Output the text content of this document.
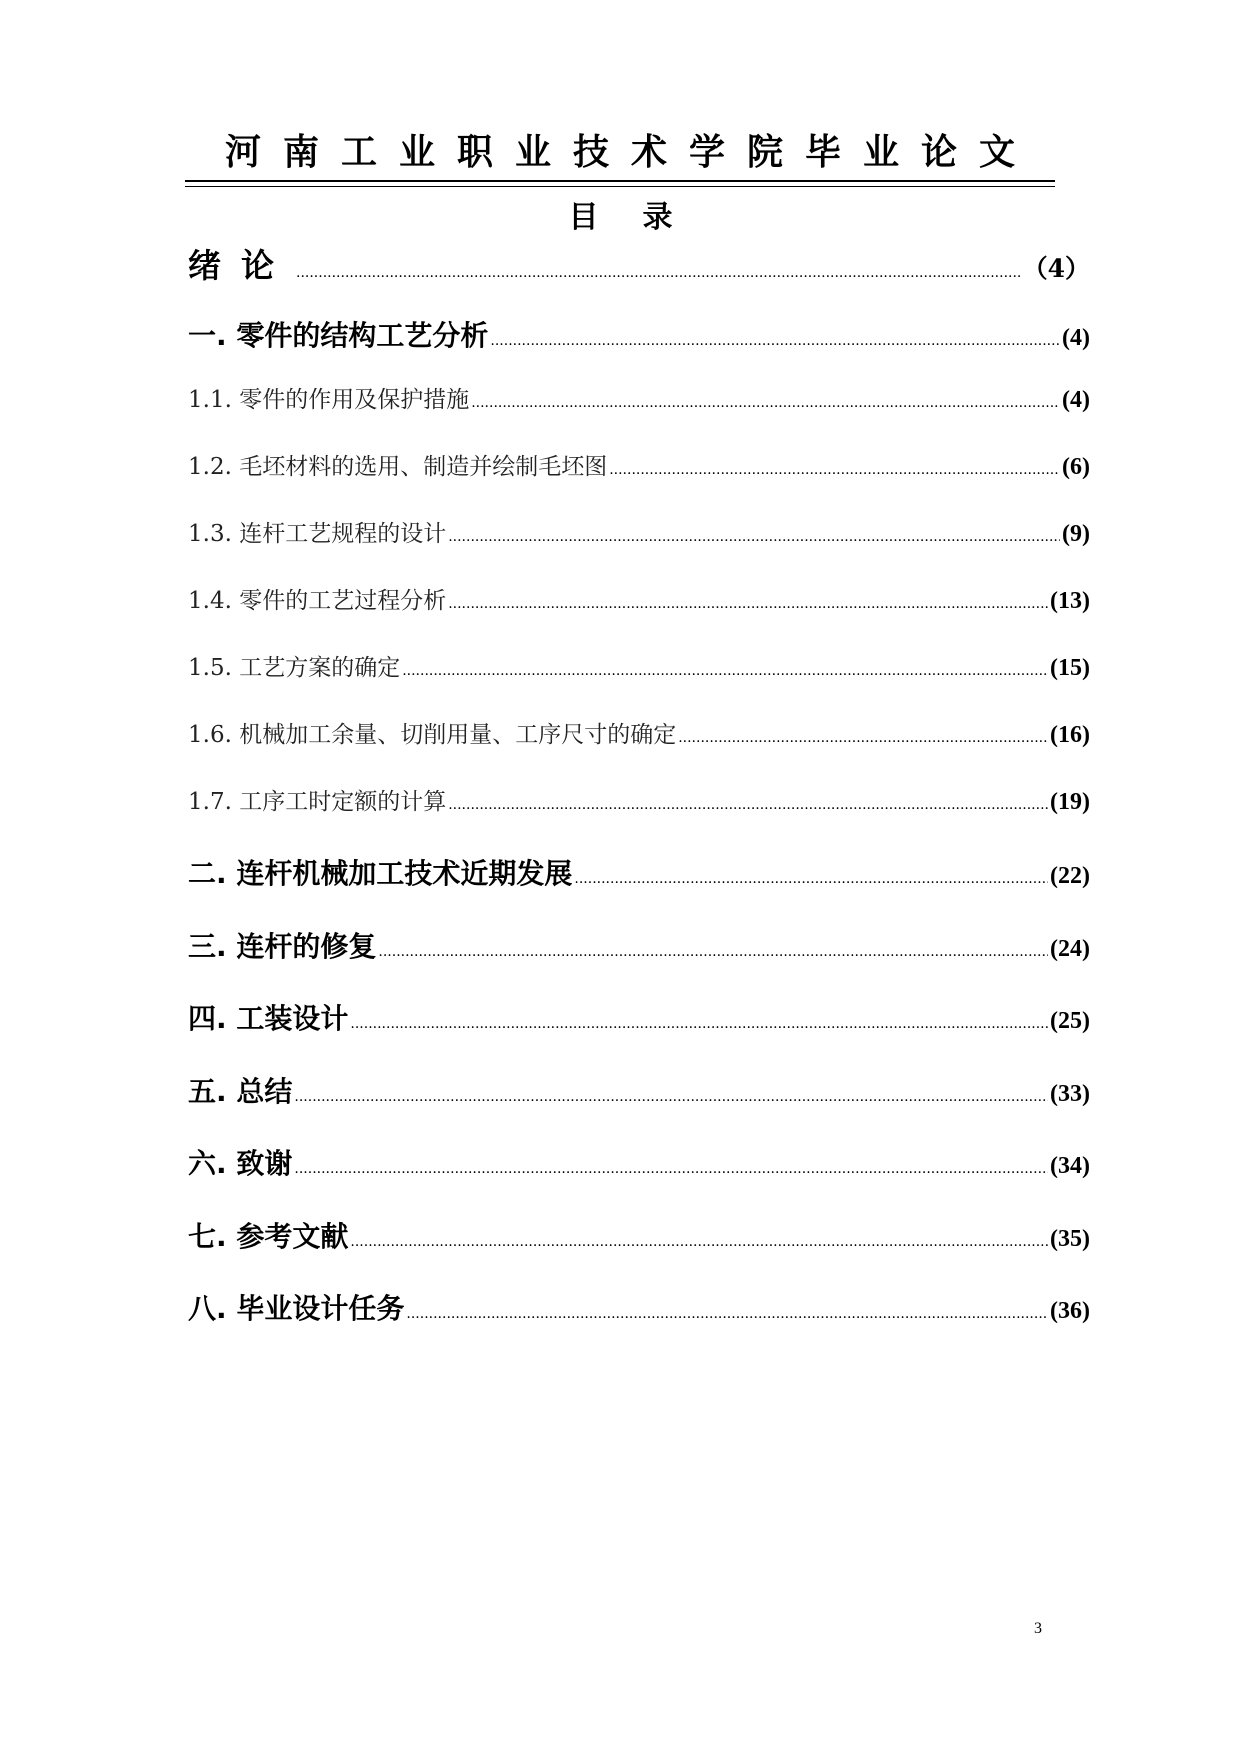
河南工业职业技术学院毕业论文
目录
绪论 .....	（4）
一. 零件的结构工艺分析 .....	(4)
1.1. 零件的作用及保护措施 .....	(4)
1.2. 毛坯材料的选用、制造并绘制毛坯图 .....	(6)
1.3. 连杆工艺规程的设计 .....	(9)
1.4. 零件的工艺过程分析 .....	(13)
1.5. 工艺方案的确定 .....	(15)
1.6. 机械加工余量、切削用量、工序尺寸的确定 .....	(16)
1.7. 工序工时定额的计算 .....	(19)
二. 连杆机械加工技术近期发展 .....	(22)
三. 连杆的修复 .....	(24)
四. 工装设计 .....	(25)
五. 总结 .....	(33)
六. 致谢 .....	(34)
七. 参考文献 .....	(35)
八. 毕业设计任务 .....	(36)
3
